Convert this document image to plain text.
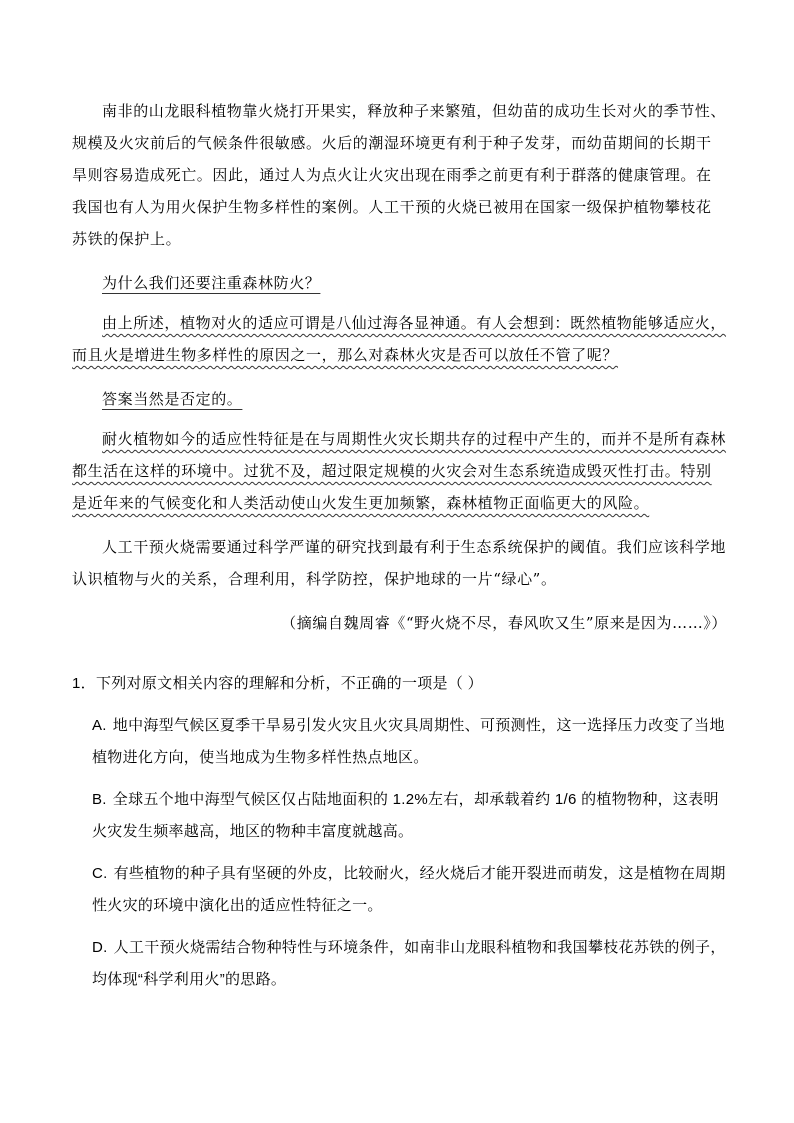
南非的山龙眼科植物靠火烧打开果实，释放种子来繁殖，但幼苗的成功生长对火的季节性、规模及火灾前后的气候条件很敏感。火后的潮湿环境更有利于种子发芽，而幼苗期间的长期干旱则容易造成死亡。因此，通过人为点火让火灾出现在雨季之前更有利于群落的健康管理。在我国也有人为用火保护生物多样性的案例。人工干预的火烧已被用在国家一级保护植物攀枝花苏铁的保护上。

为什么我们还要注重森林防火？

由上所述，植物对火的适应可谓是八仙过海各显神通。有人会想到：既然植物能够适应火，而且火是增进生物多样性的原因之一，那么对森林火灾是否可以放任不管了呢？

答案当然是否定的。

耐火植物如今的适应性特征是在与周期性火灾长期共存的过程中产生的，而并不是所有森林都生活在这样的环境中。过犹不及，超过限定规模的火灾会对生态系统造成毁灭性打击。特别是近年来的气候变化和人类活动使山火发生更加频繁，森林植物正面临更大的风险。

人工干预火烧需要通过科学严谨的研究找到最有利于生态系统保护的阈值。我们应该科学地认识植物与火的关系，合理利用，科学防控，保护地球的一片“绿心”。

（摘编自魏周睿《“野火烧不尽，春风吹又生”原来是因为……》）

1．下列对原文相关内容的理解和分析，不正确的一项是（ ）

A. 地中海型气候区夏季干旱易引发火灾且火灾具周期性、可预测性，这一选择压力改变了当地植物进化方向，使当地成为生物多样性热点地区。

B. 全球五个地中海型气候区仅占陆地面积的 1.2%左右，却承载着约 1/6 的植物物种，这表明火灾发生频率越高，地区的物种丰富度就越高。

C. 有些植物的种子具有坚硬的外皮，比较耐火，经火烧后才能开裂进而萌发，这是植物在周期性火灾的环境中演化出的适应性特征之一。

D. 人工干预火烧需结合物种特性与环境条件，如南非山龙眼科植物和我国攀枝花苏铁的例子，均体现“科学利用火”的思路。
